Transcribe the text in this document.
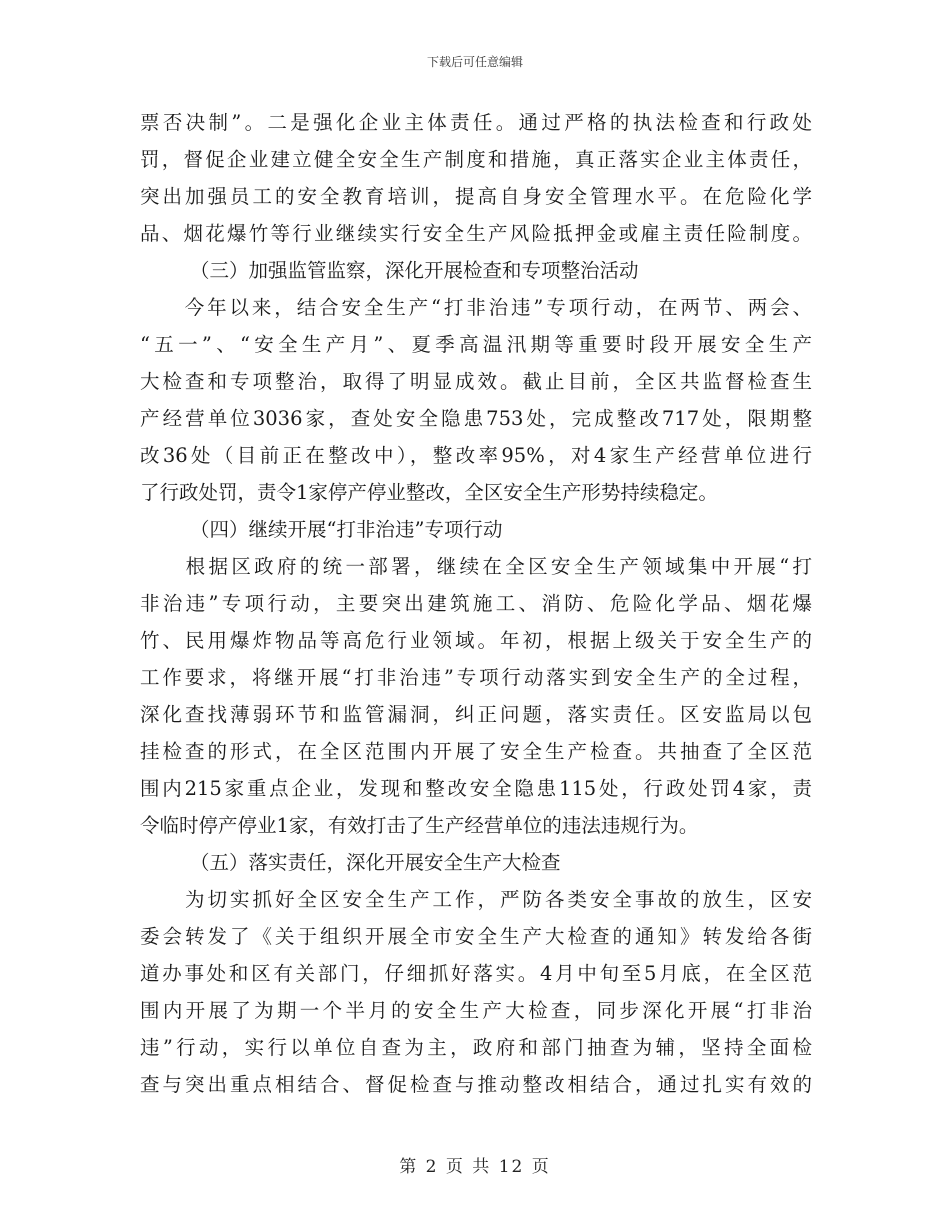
下载后可任意编辑
票否决制”。二是强化企业主体责任。通过严格的执法检查和行政处
罚，督促企业建立健全安全生产制度和措施，真正落实企业主体责任，
突出加强员工的安全教育培训，提高自身安全管理水平。在危险化学
品、烟花爆竹等行业继续实行安全生产风险抵押金或雇主责任险制度。
（三）加强监管监察，深化开展检查和专项整治活动
　　今年以来，结合安全生产“打非治违”专项行动，在两节、两会、
“五一”、“安全生产月”、夏季高温汛期等重要时段开展安全生产
大检查和专项整治，取得了明显成效。截止目前，全区共监督检查生
产经营单位3036家，查处安全隐患753处，完成整改717处，限期整
改36处（目前正在整改中），整改率95%，对4家生产经营单位进行
了行政处罚，责令1家停产停业整改，全区安全生产形势持续稳定。
（四）继续开展“打非治违”专项行动
　　根据区政府的统一部署，继续在全区安全生产领域集中开展“打
非治违”专项行动，主要突出建筑施工、消防、危险化学品、烟花爆
竹、民用爆炸物品等高危行业领域。年初，根据上级关于安全生产的
工作要求，将继开展“打非治违”专项行动落实到安全生产的全过程，
深化查找薄弱环节和监管漏洞，纠正问题，落实责任。区安监局以包
挂检查的形式，在全区范围内开展了安全生产检查。共抽查了全区范
围内215家重点企业，发现和整改安全隐患115处，行政处罚4家，责
令临时停产停业1家，有效打击了生产经营单位的违法违规行为。
（五）落实责任，深化开展安全生产大检查
　　为切实抓好全区安全生产工作，严防各类安全事故的放生，区安
委会转发了《关于组织开展全市安全生产大检查的通知》转发给各街
道办事处和区有关部门，仔细抓好落实。4月中旬至5月底，在全区范
围内开展了为期一个半月的安全生产大检查，同步深化开展“打非治
违”行动，实行以单位自查为主，政府和部门抽查为辅，坚持全面检
查与突出重点相结合、督促检查与推动整改相结合，通过扎实有效的
第 2 页 共 12 页
